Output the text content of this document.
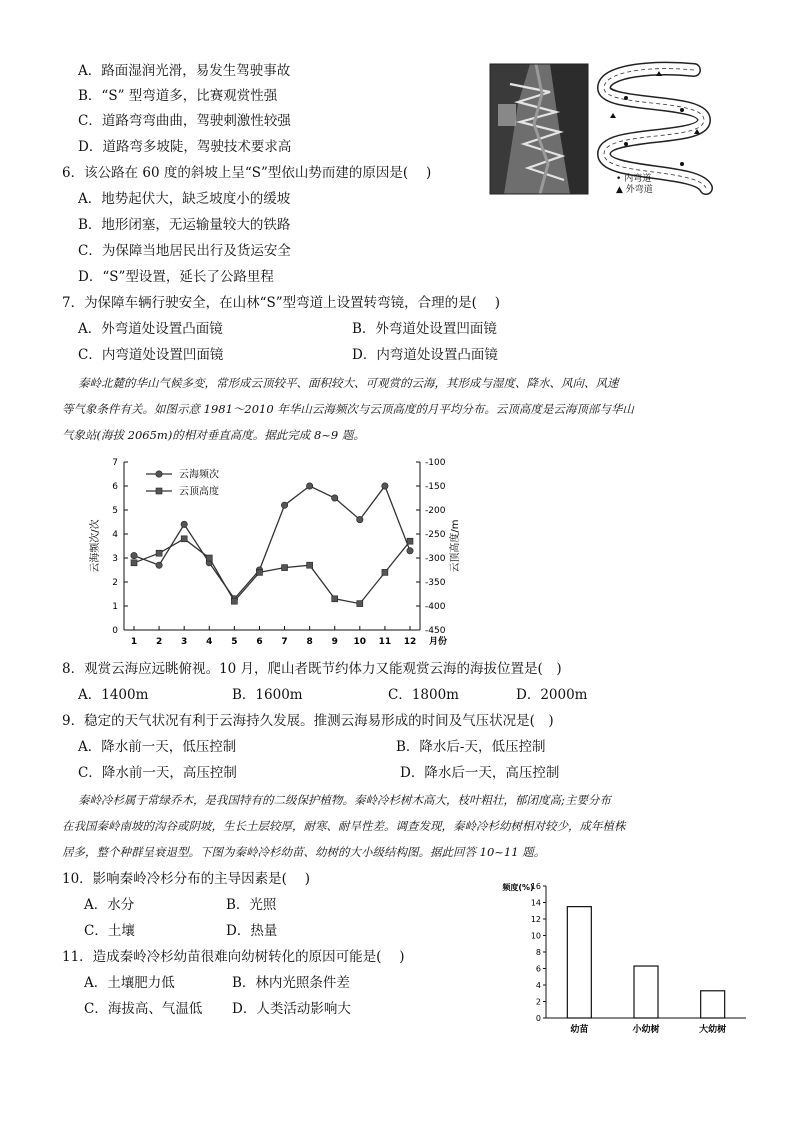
A．路面湿润光滑，易发生驾驶事故
B．“S” 型弯道多，比赛观赏性强
C．道路弯弯曲曲，驾驶刺激性较强
D．道路弯多坡陡，驾驶技术要求高
6．该公路在 60 度的斜坡上呈“S”型依山势而建的原因是(　 )
A．地势起伏大，缺乏坡度小的缓坡
B．地形闭塞，无运输量较大的铁路
C．为保障当地居民出行及货运安全
D．“S”型设置，延长了公路里程
7．为保障车辆行驶安全，在山林“S”型弯道上设置转弯镜，合理的是(　 )
A．外弯道处设置凸面镜	B．外弯道处设置凹面镜
C．内弯道处设置凹面镜	D．内弯道处设置凸面镜
• 内弯道
▲ 外弯道
秦岭北麓的华山气候多变，常形成云顶较平、面积较大、可观赏的云海，其形成与湿度、降水、风向、风速
等气象条件有关。如图示意 1981～2010 年华山云海频次与云顶高度的月平均分布。云顶高度是云海顶部与华山
气象站(海拔 2065m)的相对垂直高度。据此完成 8~9 题。
0
1
2
3
4
5
6
7	-100
-150
-200
-250
-300
-350
-400
-450
1 2 3 4 5 6 7 8 9 10 11 12 月份
云海频次/次	云顶高度/m
云海频次
云顶高度
8．观赏云海应远眺俯视。10 月，爬山者既节约体力又能观赏云海的海拔位置是(　)
A．1400m	B．1600m	C．1800m	D．2000m
9．稳定的天气状况有利于云海持久发展。推测云海易形成的时间及气压状况是(　)
A．降水前一天，低压控制	B．降水后-天，低压控制
C．降水前一天，高压控制	D．降水后一天，高压控制
秦岭冷杉属于常绿乔木，是我国特有的二级保护植物。秦岭冷杉树木高大，枝叶粗壮，郁闭度高;主要分布
在我国秦岭南坡的沟谷或阴坡，生长土层较厚，耐寒、耐旱性差。调查发现，秦岭冷杉幼树相对较少，成年植株
居多，整个种群呈衰退型。下图为秦岭冷杉幼苗、幼树的大小级结构图。据此回答 10~11 题。
10．影响秦岭冷杉分布的主导因素是(　 )
A．水分	B．光照
C．土壤	D．热量
11．造成秦岭冷杉幼苗很难向幼树转化的原因可能是(　 )
A．土壤肥力低	B．林内光照条件差
C．海拔高、气温低 D．人类活动影响大
0
2
4
6
8
10
12
14
16
频度(%)
幼苗	小幼树	大幼树
